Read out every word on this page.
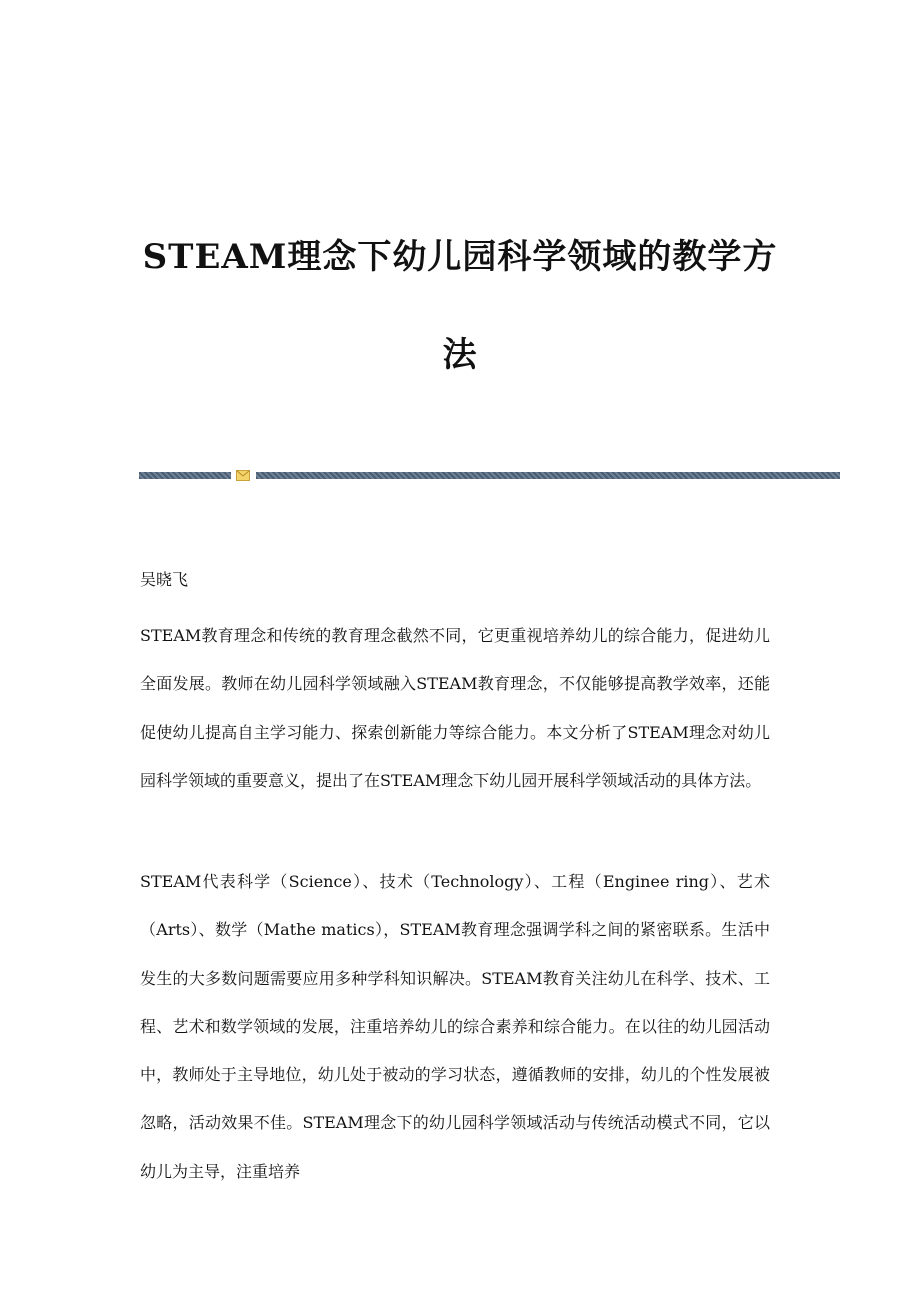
STEAM理念下幼儿园科学领域的教学方法

吴晓飞

STEAM教育理念和传统的教育理念截然不同，它更重视培养幼儿的综合能力，促进幼儿全面发展。教师在幼儿园科学领域融入STEAM教育理念，不仅能够提高教学效率，还能促使幼儿提高自主学习能力、探索创新能力等综合能力。本文分析了STEAM理念对幼儿园科学领域的重要意义，提出了在STEAM理念下幼儿园开展科学领域活动的具体方法。

STEAM代表科学（Science）、技术（Technology）、工程（Enginee ring）、艺术（Arts）、数学（Mathe matics），STEAM教育理念强调学科之间的紧密联系。生活中发生的大多数问题需要应用多种学科知识解决。STEAM教育关注幼儿在科学、技术、工程、艺术和数学领域的发展，注重培养幼儿的综合素养和综合能力。在以往的幼儿园活动中，教师处于主导地位，幼儿处于被动的学习状态，遵循教师的安排，幼儿的个性发展被忽略，活动效果不佳。STEAM理念下的幼儿园科学领域活动与传统活动模式不同，它以幼儿为主导，注重培养
